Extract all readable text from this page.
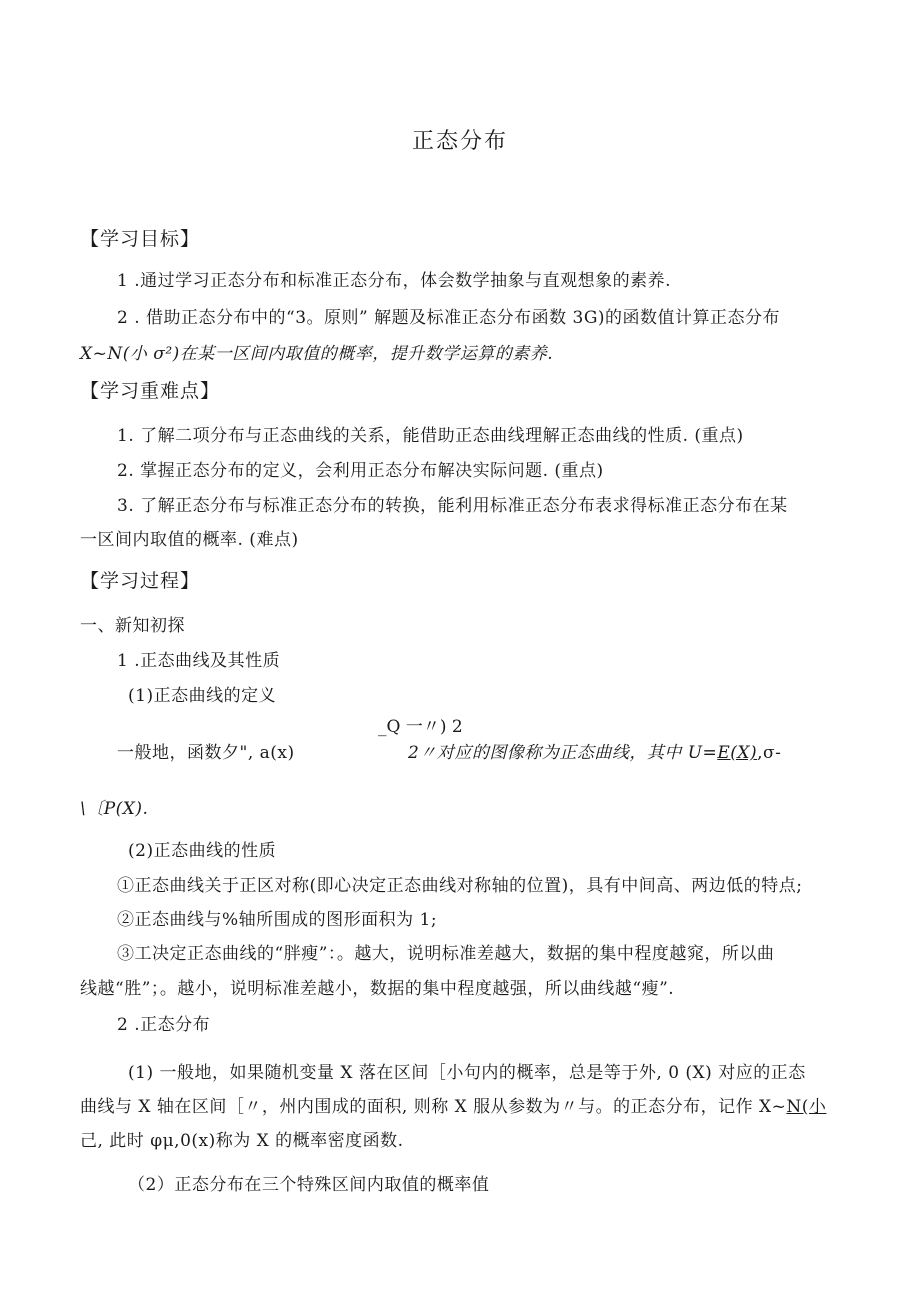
正态分布
【学习目标】
1 .通过学习正态分布和标准正态分布，体会数学抽象与直观想象的素养.
2 . 借助正态分布中的“3。原则” 解题及标准正态分布函数 3G)的函数值计算正态分布
X~N(小 σ²)在某一区间内取值的概率，提升数学运算的素养.
【学习重难点】
1. 了解二项分布与正态曲线的关系，能借助正态曲线理解正态曲线的性质. (重点)
2. 掌握正态分布的定义，会利用正态分布解决实际问题. (重点)
3. 了解正态分布与标准正态分布的转换，能利用标准正态分布表求得标准正态分布在某
一区间内取值的概率. (难点)
【学习过程】
一、新知初探
1 .正态曲线及其性质
(1)正态曲线的定义
_Q 一〃) 2
一般地，函数夕", a(x)	2〃对应的图像称为正态曲线，其中 U=E(X),σ-
\〔P(X).
(2)正态曲线的性质
①正态曲线关于正区对称(即心决定正态曲线对称轴的位置)，具有中间高、两边低的特点;
②正态曲线与%轴所围成的图形面积为 1;
③工决定正态曲线的“胖瘦”：。越大，说明标准差越大，数据的集中程度越窕，所以曲
线越“胜”；。越小，说明标准差越小，数据的集中程度越强，所以曲线越“瘦”.
2 .正态分布
(1) 一般地，如果随机变量 X 落在区间［小句内的概率，总是等于外, 0 (X) 对应的正态
曲线与 X 轴在区间［〃，州内围成的面积, 则称 X 服从参数为〃与。的正态分布，记作 X~N(小
己, 此时 φμ,0(x)称为 X 的概率密度函数.
（2）正态分布在三个特殊区间内取值的概率值
